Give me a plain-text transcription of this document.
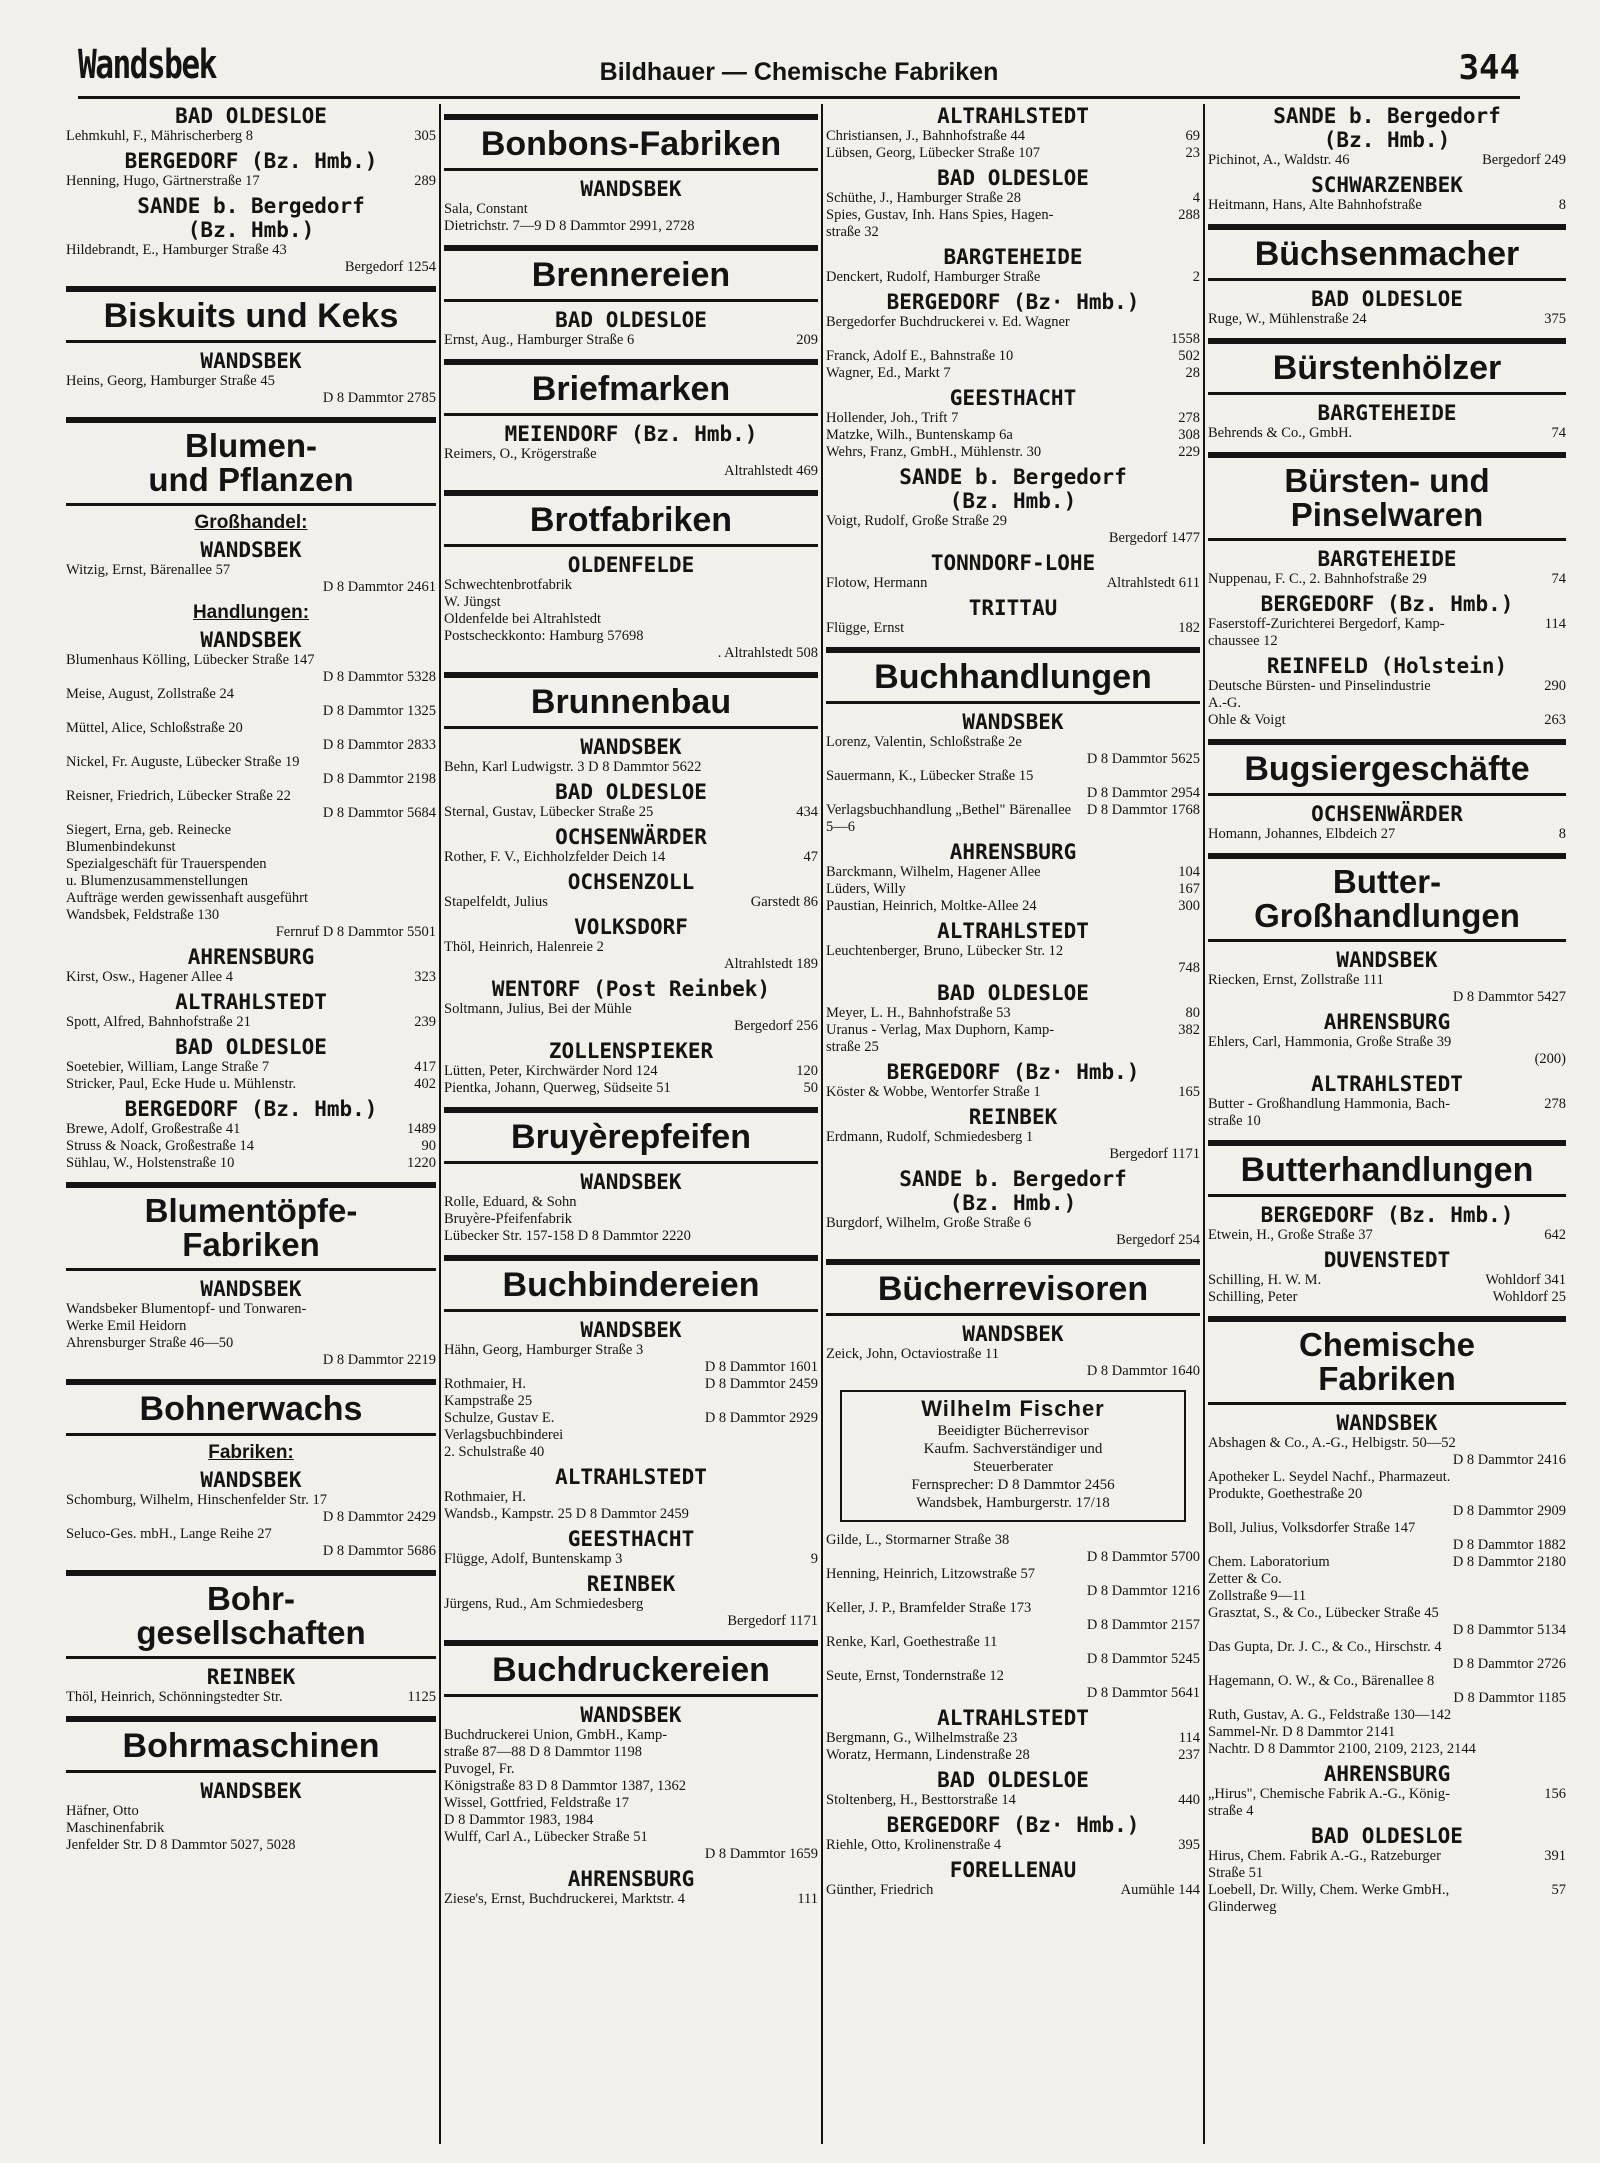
Wandsbek	Bildhauer — Chemische Fabriken	344
BAD OLDESLOE
305
Lehmkuhl, F., Mährischerberg 8
BERGEDORF (Bz. Hmb.)
289
Henning, Hugo, Gärtnerstraße 17
SANDE b. Bergedorf
(Bz. Hmb.)
Hildebrandt, E., Hamburger Straße 43
Bergedorf 1254
Biskuits und Keks
WANDSBEK
Heins, Georg, Hamburger Straße 45
D 8 Dammtor 2785
Blumen-
und Pflanzen
Großhandel:
WANDSBEK
Witzig, Ernst, Bärenallee 57
D 8 Dammtor 2461
Handlungen:
WANDSBEK
Blumenhaus Kölling, Lübecker Straße 147
D 8 Dammtor 5328
Meise, August, Zollstraße 24
D 8 Dammtor 1325
Müttel, Alice, Schloßstraße 20
D 8 Dammtor 2833
Nickel, Fr. Auguste, Lübecker Straße 19
D 8 Dammtor 2198
Reisner, Friedrich, Lübecker Straße 22
D 8 Dammtor 5684
Siegert, Erna, geb. Reinecke
Blumenbindekunst
Spezialgeschäft für Trauerspenden
u. Blumenzusammenstellungen
Aufträge werden gewissenhaft ausgeführt
Wandsbek, Feldstraße 130
Fernruf D 8 Dammtor 5501
AHRENSBURG
323
Kirst, Osw., Hagener Allee 4
ALTRAHLSTEDT
239
Spott, Alfred, Bahnhofstraße 21
BAD OLDESLOE
417
Soetebier, William, Lange Straße 7
402
Stricker, Paul, Ecke Hude u. Mühlenstr.
BERGEDORF (Bz. Hmb.)
1489
Brewe, Adolf, Großestraße 41
90
Struss & Noack, Großestraße 14
1220
Sühlau, W., Holstenstraße 10
Blumentöpfe-
Fabriken
WANDSBEK
Wandsbeker Blumentopf- und Tonwaren-
Werke Emil Heidorn
Ahrensburger Straße 46—50
D 8 Dammtor 2219
Bohnerwachs
Fabriken:
WANDSBEK
Schomburg, Wilhelm, Hinschenfelder Str. 17
D 8 Dammtor 2429
Seluco-Ges. mbH., Lange Reihe 27
D 8 Dammtor 5686
Bohr-
gesellschaften
REINBEK
1125
Thöl, Heinrich, Schönningstedter Str.
Bohrmaschinen
WANDSBEK
Häfner, Otto
Maschinenfabrik
Jenfelder Str. D 8 Dammtor 5027, 5028
Bonbons-Fabriken
WANDSBEK
Sala, Constant
Dietrichstr. 7—9 D 8 Dammtor 2991, 2728
Brennereien
BAD OLDESLOE
209
Ernst, Aug., Hamburger Straße 6
Briefmarken
MEIENDORF (Bz. Hmb.)
Reimers, O., Krögerstraße
Altrahlstedt 469
Brotfabriken
OLDENFELDE
Schwechtenbrotfabrik
W. Jüngst
Oldenfelde bei Altrahlstedt
Postscheckkonto: Hamburg 57698
. Altrahlstedt 508
Brunnenbau
WANDSBEK
Behn, Karl Ludwigstr. 3 D 8 Dammtor 5622
BAD OLDESLOE
434
Sternal, Gustav, Lübecker Straße 25
OCHSENWÄRDER
47
Rother, F. V., Eichholzfelder Deich 14
OCHSENZOLL
Garstedt 86
Stapelfeldt, Julius
VOLKSDORF
Thöl, Heinrich, Halenreie 2
Altrahlstedt 189
WENTORF (Post Reinbek)
Soltmann, Julius, Bei der Mühle
Bergedorf 256
ZOLLENSPIEKER
120
Lütten, Peter, Kirchwärder Nord 124
50
Pientka, Johann, Querweg, Südseite 51
Bruyèrepfeifen
WANDSBEK
Rolle, Eduard, & Sohn
Bruyère-Pfeifenfabrik
Lübecker Str. 157-158 D 8 Dammtor 2220
Buchbindereien
WANDSBEK
Hähn, Georg, Hamburger Straße 3
D 8 Dammtor 1601
D 8 Dammtor 2459
Rothmaier, H.
Kampstraße 25
D 8 Dammtor 2929
Schulze, Gustav E.
Verlagsbuchbinderei
2. Schulstraße 40
ALTRAHLSTEDT
Rothmaier, H.
Wandsb., Kampstr. 25 D 8 Dammtor 2459
GEESTHACHT
9
Flügge, Adolf, Buntenskamp 3
REINBEK
Jürgens, Rud., Am Schmiedesberg
Bergedorf 1171
Buchdruckereien
WANDSBEK
Buchdruckerei Union, GmbH., Kamp-
straße 87—88 D 8 Dammtor 1198
Puvogel, Fr.
Königstraße 83 D 8 Dammtor 1387, 1362
Wissel, Gottfried, Feldstraße 17
D 8 Dammtor 1983, 1984
Wulff, Carl A., Lübecker Straße 51
D 8 Dammtor 1659
AHRENSBURG
111
Ziese's, Ernst, Buchdruckerei, Marktstr. 4
ALTRAHLSTEDT
69
Christiansen, J., Bahnhofstraße 44
23
Lübsen, Georg, Lübecker Straße 107
BAD OLDESLOE
4
Schüthe, J., Hamburger Straße 28
288
Spies, Gustav, Inh. Hans Spies, Hagen-
straße 32
BARGTEHEIDE
2
Denckert, Rudolf, Hamburger Straße
BERGEDORF (Bz· Hmb.)
Bergedorfer Buchdruckerei v. Ed. Wagner
1558
502
Franck, Adolf E., Bahnstraße 10
28
Wagner, Ed., Markt 7
GEESTHACHT
278
Hollender, Joh., Trift 7
308
Matzke, Wilh., Buntenskamp 6a
229
Wehrs, Franz, GmbH., Mühlenstr. 30
SANDE b. Bergedorf
(Bz. Hmb.)
Voigt, Rudolf, Große Straße 29
Bergedorf 1477
TONNDORF-LOHE
Altrahlstedt 611
Flotow, Hermann
TRITTAU
182
Flügge, Ernst
Buchhandlungen
WANDSBEK
Lorenz, Valentin, Schloßstraße 2e
D 8 Dammtor 5625
Sauermann, K., Lübecker Straße 15
D 8 Dammtor 2954
D 8 Dammtor 1768
Verlagsbuchhandlung „Bethel" Bärenallee
5—6
AHRENSBURG
104
Barckmann, Wilhelm, Hagener Allee
167
Lüders, Willy
300
Paustian, Heinrich, Moltke-Allee 24
ALTRAHLSTEDT
Leuchtenberger, Bruno, Lübecker Str. 12
748
BAD OLDESLOE
80
Meyer, L. H., Bahnhofstraße 53
382
Uranus - Verlag, Max Duphorn, Kamp-
straße 25
BERGEDORF (Bz· Hmb.)
165
Köster & Wobbe, Wentorfer Straße 1
REINBEK
Erdmann, Rudolf, Schmiedesberg 1
Bergedorf 1171
SANDE b. Bergedorf
(Bz. Hmb.)
Burgdorf, Wilhelm, Große Straße 6
Bergedorf 254
Bücherrevisoren
WANDSBEK
Zeick, John, Octaviostraße 11
D 8 Dammtor 1640
Wilhelm Fischer
Beeidigter Bücherrevisor
Kaufm. Sachverständiger und
Steuerberater
Fernsprecher: D 8 Dammtor 2456
Wandsbek, Hamburgerstr. 17/18
Gilde, L., Stormarner Straße 38
D 8 Dammtor 5700
Henning, Heinrich, Litzowstraße 57
D 8 Dammtor 1216
Keller, J. P., Bramfelder Straße 173
D 8 Dammtor 2157
Renke, Karl, Goethestraße 11
D 8 Dammtor 5245
Seute, Ernst, Tondernstraße 12
D 8 Dammtor 5641
ALTRAHLSTEDT
114
Bergmann, G., Wilhelmstraße 23
237
Woratz, Hermann, Lindenstraße 28
BAD OLDESLOE
440
Stoltenberg, H., Besttorstraße 14
BERGEDORF (Bz· Hmb.)
395
Riehle, Otto, Krolinenstraße 4
FORELLENAU
Aumühle 144
Günther, Friedrich
SANDE b. Bergedorf
(Bz. Hmb.)
Bergedorf 249
Pichinot, A., Waldstr. 46
SCHWARZENBEK
8
Heitmann, Hans, Alte Bahnhofstraße
Büchsenmacher
BAD OLDESLOE
375
Ruge, W., Mühlenstraße 24
Bürstenhölzer
BARGTEHEIDE
74
Behrends & Co., GmbH.
Bürsten- und
Pinselwaren
BARGTEHEIDE
74
Nuppenau, F. C., 2. Bahnhofstraße 29
BERGEDORF (Bz. Hmb.)
114
Faserstoff-Zurichterei Bergedorf, Kamp-
chaussee 12
REINFELD (Holstein)
290
Deutsche Bürsten- und Pinselindustrie
A.-G.
263
Ohle & Voigt
Bugsiergeschäfte
OCHSENWÄRDER
8
Homann, Johannes, Elbdeich 27
Butter-
Großhandlungen
WANDSBEK
Riecken, Ernst, Zollstraße 111
D 8 Dammtor 5427
AHRENSBURG
Ehlers, Carl, Hammonia, Große Straße 39
(200)
ALTRAHLSTEDT
278
Butter - Großhandlung Hammonia, Bach-
straße 10
Butterhandlungen
BERGEDORF (Bz. Hmb.)
642
Etwein, H., Große Straße 37
DUVENSTEDT
Wohldorf 341
Schilling, H. W. M.
Wohldorf 25
Schilling, Peter
Chemische
Fabriken
WANDSBEK
Abshagen & Co., A.-G., Helbigstr. 50—52
D 8 Dammtor 2416
Apotheker L. Seydel Nachf., Pharmazeut.
Produkte, Goethestraße 20
D 8 Dammtor 2909
Boll, Julius, Volksdorfer Straße 147
D 8 Dammtor 1882
D 8 Dammtor 2180
Chem. Laboratorium
Zetter & Co.
Zollstraße 9—11
Grasztat, S., & Co., Lübecker Straße 45
D 8 Dammtor 5134
Das Gupta, Dr. J. C., & Co., Hirschstr. 4
D 8 Dammtor 2726
Hagemann, O. W., & Co., Bärenallee 8
D 8 Dammtor 1185
Ruth, Gustav, A. G., Feldstraße 130—142
Sammel-Nr. D 8 Dammtor 2141
Nachtr. D 8 Dammtor 2100, 2109, 2123, 2144
AHRENSBURG
156
„Hirus", Chemische Fabrik A.-G., König-
straße 4
BAD OLDESLOE
391
Hirus, Chem. Fabrik A.-G., Ratzeburger
Straße 51
57
Loebell, Dr. Willy, Chem. Werke GmbH.,
Glinderweg
